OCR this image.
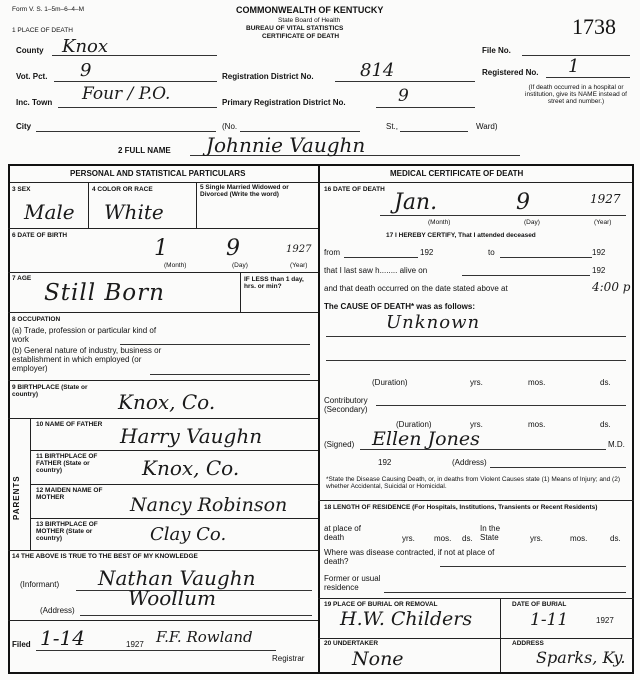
Form V. S. 1–5m–6–4–M
1 PLACE OF DEATH
COMMONWEALTH OF KENTUCKY
State Board of Health
BUREAU OF VITAL STATISTICS
CERTIFICATE OF DEATH	1738
County Knox	File No.
Vot. Pct. 9	Registration District No.	814	Registered No. 1
Inc. Town Four / P.O.	Primary Registration District No.	9	(If death occurred in a hospital or institution, give its NAME instead of street and number.)
City	(No.	St.,	Ward)
2 FULL NAME Johnnie Vaughn
PERSONAL AND STATISTICAL PARTICULARS	MEDICAL CERTIFICATE OF DEATH
3 SEX
Male
4 COLOR OR RACE
White
5 Single Married Widowed or Divorced (Write the word)
6 DATE OF BIRTH
1	9	1927
(Month)	(Day)	(Year)
7 AGE
Still Born
IF LESS than 1 day, hrs. or min?
8 OCCUPATION
(a) Trade, profession or particular kind of work
(b) General nature of industry, business or establishment in which employed (or employer)
9 BIRTHPLACE (State or country)	Knox, Co.
PARENTS
10 NAME OF FATHER Harry Vaughn
11 BIRTHPLACE OF FATHER (State or country)	Knox, Co.
12 MAIDEN NAME OF MOTHER	Nancy Robinson
13 BIRTHPLACE OF MOTHER (State or country)	Clay Co.
14 THE ABOVE IS TRUE TO THE BEST OF MY KNOWLEDGE
(Informant) Nathan Vaughn
(Address)
Woollum
Filed 1-14	1927 F.F. Rowland
Registrar
16 DATE OF DEATH
Jan.	9	1927
(Month)	(Day)	(Year)
17 I HEREBY CERTIFY, That I attended deceased
from	192	to	192
that I last saw h........ alive on	192
and that death occurred on the date stated above at	4:00 p
The CAUSE OF DEATH* was as follows:
Unknown
(Duration)	yrs.	mos.	ds.
Contributory (Secondary)
(Duration)	yrs.	mos.	ds.
(Signed) Ellen Jones	M.D.
192	(Address)
*State the Disease Causing Death, or, in deaths from Violent Causes state (1) Means of Injury; and (2) whether Accidental, Suicidal or Homicidal.
18 LENGTH OF RESIDENCE (For Hospitals, Institutions, Transients or Recent Residents)
at place of death	yrs. mos. ds.
In the State	yrs.	mos.	ds.
Where was disease contracted, if not at place of death?
Former or usual residence
19 PLACE OF BURIAL OR REMOVAL
H.W. Childers
DATE OF BURIAL
1-11	1927
20 UNDERTAKER
None
ADDRESS
Sparks, Ky.
